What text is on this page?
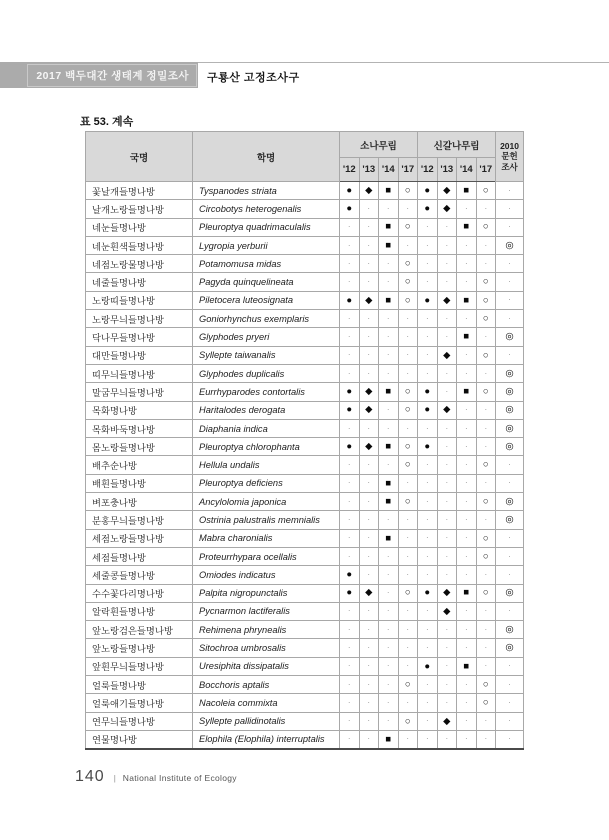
2017 백두대간 생태계 정밀조사	구룡산 고정조사구
표 53. 계속
국명	학명	소나무림				신갈나무림				2010
문헌
조사

		'12	'13	'14	'17	'12	'13	'14	'17	
꽃날개들명나방	Tyspanodes striata	●	◆	■	○	●	◆	■	○	·
날개노랑들명나방	Circobotys heterogenalis	●	·	·	·	●	◆	·	·	·
네눈들명나방	Pleuroptya quadrimaculalis	·	·	■	○	·	·	■	○	·
네눈흰색들명나방	Lygropia yerburii	·	·	■	·	·	·	·	·	◎
네점노랑물명나방	Potamomusa midas	·	·	·	○	·	·	·	·	·
네줄들명나방	Pagyda quinquelineata	·	·	·	○	·	·	·	○	·
노랑띠들명나방	Piletocera luteosignata	●	◆	■	○	●	◆	■	○	·
노랑무늬들명나방	Goniorhynchus exemplaris	·	·	·	·	·	·	·	○	·
닥나무들명나방	Glyphodes pryeri	·	·	·	·	·	·	■	·	◎
대만들명나방	Syllepte taiwanalis	·	·	·	·	·	◆	·	○	·
띠무늬들명나방	Glyphodes duplicalis	·	·	·	·	·	·	·	·	◎
말굽무늬들명나방	Eurrhyparodes contortalis	●	◆	■	○	●	·	■	○	◎
목화명나방	Haritalodes derogata	●	◆	·	○	●	◆	·	·	◎
목화바둑명나방	Diaphania indica	·	·	·	·	·	·	·	·	◎
몸노랑들명나방	Pleuroptya chlorophanta	●	◆	■	○	●	·	·	·	◎
배추순나방	Hellula undalis	·	·	·	○	·	·	·	○	·
배흰들명나방	Pleuroptya deficiens	·	·	■	·	·	·	·	·	·
벼포충나방	Ancylolomia japonica	·	·	■	○	·	·	·	○	◎
분홍무늬들명나방	Ostrinia palustralis memnialis	·	·	·	·	·	·	·	·	◎
세점노랑들명나방	Mabra charonialis	·	·	■	·	·	·	·	○	·
세점들명나방	Proteurrhypara ocellalis	·	·	·	·	·	·	·	○	·
세줄콩들명나방	Omiodes indicatus	●	·	·	·	·	·	·	·	·
수수꽃다리명나방	Palpita nigropunctalis	●	◆	·	○	●	◆	■	○	◎
알락흰들명나방	Pycnarmon lactiferalis	·	·	·	·	·	◆	·	·	·
앞노랑검은들명나방	Rehimena phrynealis	·	·	·	·	·	·	·	·	◎
앞노랑들명나방	Sitochroa umbrosalis	·	·	·	·	·	·	·	·	◎
앞흰무늬들명나방	Uresiphita dissipatalis	·	·	·	·	●	·	■	·	·
얼룩들명나방	Bocchoris aptalis	·	·	·	○	·	·	·	○	·
얼룩애기들명나방	Nacoleia commixta	·	·	·	·	·	·	·	○	·
연무늬들명나방	Syllepte pallidinotalis	·	·	·	○	·	◆	·	·	·
연물명나방	Elophila (Elophila) interruptalis	·	·	■	·	·	·	·	·	·
140 | National Institute of Ecology
